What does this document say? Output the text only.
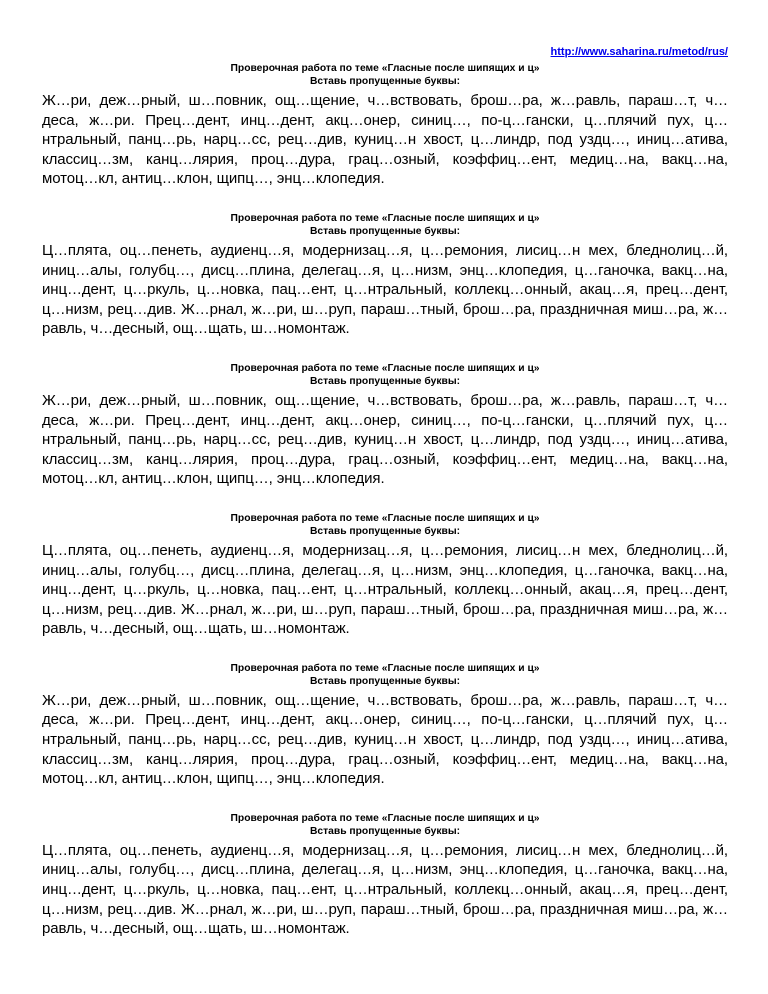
http://www.saharina.ru/metod/rus/
Проверочная работа по теме «Гласные после шипящих и ц»
Вставь пропущенные буквы:

Ж…ри, деж…рный, ш…повник, ощ…щение, ч…вствовать, брош…ра, ж…равль, параш…т, ч…деса, ж…ри. Прец…дент, инц…дент, акц…онер, синиц…, по-ц…гански, ц…плячий пух, ц…нтральный, панц…рь, нарц…сс, рец…див, куниц…н хвост, ц…линдр, под уздц…, иниц…атива, классиц…зм, канц…лярия, проц…дура, грац…озный, коэффиц…ент, медиц…на, вакц…на, мотоц…кл, антиц…клон, щипц…, энц…клопедия.

Проверочная работа по теме «Гласные после шипящих и ц»
Вставь пропущенные буквы:

Ц…плята, оц…пенеть, аудиенц…я, модернизац…я, ц…ремония, лисиц…н мех, бледнолиц…й, иниц…алы, голубц…, дисц…плина, делегац…я, ц…низм, энц…клопедия, ц…ганочка, вакц…на, инц…дент, ц…ркуль, ц…новка, пац…ент, ц…нтральный, коллекц…онный, акац…я, прец…дент, ц…низм, рец…див. Ж…рнал, ж…ри, ш…руп, параш…тный, брош…ра, праздничная миш…ра, ж…равль, ч…десный, ощ…щать, ш…номонтаж.

Проверочная работа по теме «Гласные после шипящих и ц»
Вставь пропущенные буквы:

Ж…ри, деж…рный, ш…повник, ощ…щение, ч…вствовать, брош…ра, ж…равль, параш…т, ч…деса, ж…ри. Прец…дент, инц…дент, акц…онер, синиц…, по-ц…гански, ц…плячий пух, ц…нтральный, панц…рь, нарц…сс, рец…див, куниц…н хвост, ц…линдр, под уздц…, иниц…атива, классиц…зм, канц…лярия, проц…дура, грац…озный, коэффиц…ент, медиц…на, вакц…на, мотоц…кл, антиц…клон, щипц…, энц…клопедия.

Проверочная работа по теме «Гласные после шипящих и ц»
Вставь пропущенные буквы:

Ц…плята, оц…пенеть, аудиенц…я, модернизац…я, ц…ремония, лисиц…н мех, бледнолиц…й, иниц…алы, голубц…, дисц…плина, делегац…я, ц…низм, энц…клопедия, ц…ганочка, вакц…на, инц…дент, ц…ркуль, ц…новка, пац…ент, ц…нтральный, коллекц…онный, акац…я, прец…дент, ц…низм, рец…див. Ж…рнал, ж…ри, ш…руп, параш…тный, брош…ра, праздничная миш…ра, ж…равль, ч…десный, ощ…щать, ш…номонтаж.

Проверочная работа по теме «Гласные после шипящих и ц»
Вставь пропущенные буквы:

Ж…ри, деж…рный, ш…повник, ощ…щение, ч…вствовать, брош…ра, ж…равль, параш…т, ч…деса, ж…ри. Прец…дент, инц…дент, акц…онер, синиц…, по-ц…гански, ц…плячий пух, ц…нтральный, панц…рь, нарц…сс, рец…див, куниц…н хвост, ц…линдр, под уздц…, иниц…атива, классиц…зм, канц…лярия, проц…дура, грац…озный, коэффиц…ент, медиц…на, вакц…на, мотоц…кл, антиц…клон, щипц…, энц…клопедия.

Проверочная работа по теме «Гласные после шипящих и ц»
Вставь пропущенные буквы:

Ц…плята, оц…пенеть, аудиенц…я, модернизац…я, ц…ремония, лисиц…н мех, бледнолиц…й, иниц…алы, голубц…, дисц…плина, делегац…я, ц…низм, энц…клопедия, ц…ганочка, вакц…на, инц…дент, ц…ркуль, ц…новка, пац…ент, ц…нтральный, коллекц…онный, акац…я, прец…дент, ц…низм, рец…див. Ж…рнал, ж…ри, ш…руп, параш…тный, брош…ра, праздничная миш…ра, ж…равль, ч…десный, ощ…щать, ш…номонтаж.
